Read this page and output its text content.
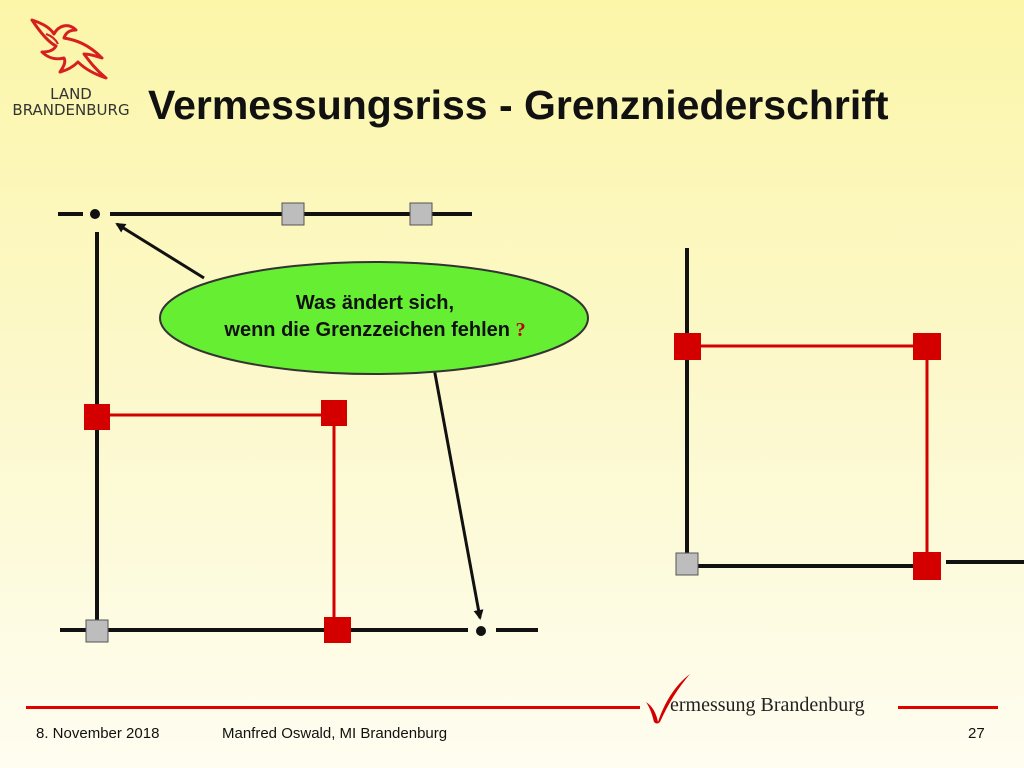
LAND
BRANDENBURG Vermessungsriss - Grenzniederschrift
Was ändert sich,
wenn die Grenzzeichen fehlen ?
ermessung Brandenburg
8. November 2018	Manfred Oswald, MI Brandenburg	27
